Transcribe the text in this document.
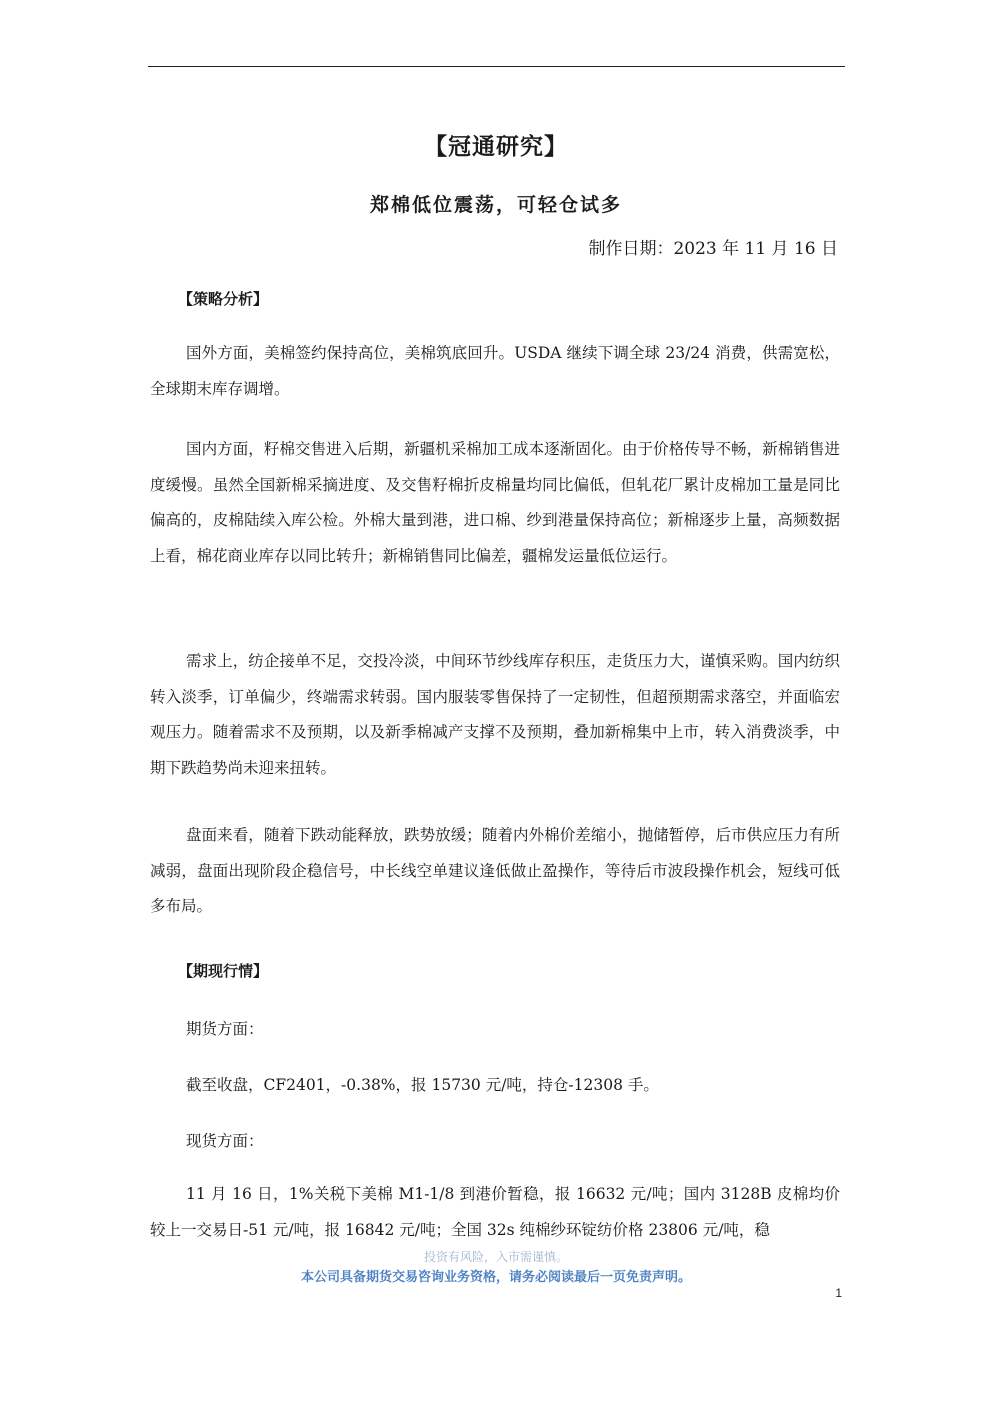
【冠通研究】
郑棉低位震荡，可轻仓试多
制作日期：2023 年 11 月 16 日
【策略分析】

国外方面，美棉签约保持高位，美棉筑底回升。USDA 继续下调全球 23/24 消费，供需宽松，全球期末库存调增。

国内方面，籽棉交售进入后期，新疆机采棉加工成本逐渐固化。由于价格传导不畅，新棉销售进度缓慢。虽然全国新棉采摘进度、及交售籽棉折皮棉量均同比偏低，但轧花厂累计皮棉加工量是同比偏高的，皮棉陆续入库公检。外棉大量到港，进口棉、纱到港量保持高位；新棉逐步上量，高频数据上看，棉花商业库存以同比转升；新棉销售同比偏差，疆棉发运量低位运行。

需求上，纺企接单不足，交投冷淡，中间环节纱线库存积压，走货压力大，谨慎采购。国内纺织转入淡季，订单偏少，终端需求转弱。国内服装零售保持了一定韧性，但超预期需求落空，并面临宏观压力。随着需求不及预期，以及新季棉减产支撑不及预期，叠加新棉集中上市，转入消费淡季，中期下跌趋势尚未迎来扭转。

盘面来看，随着下跌动能释放，跌势放缓；随着内外棉价差缩小，抛储暂停，后市供应压力有所减弱，盘面出现阶段企稳信号，中长线空单建议逢低做止盈操作，等待后市波段操作机会，短线可低多布局。

【期现行情】
期货方面：
截至收盘，CF2401，-0.38%，报 15730 元/吨，持仓-12308 手。
现货方面：

11 月 16 日，1%关税下美棉 M1-1/8 到港价暂稳，报 16632 元/吨；国内 3128B 皮棉均价较上一交易日-51 元/吨，报 16842 元/吨；全国 32s 纯棉纱环锭纺价格 23806 元/吨，稳

投资有风险，入市需谨慎。
本公司具备期货交易咨询业务资格，请务必阅读最后一页免责声明。
1
